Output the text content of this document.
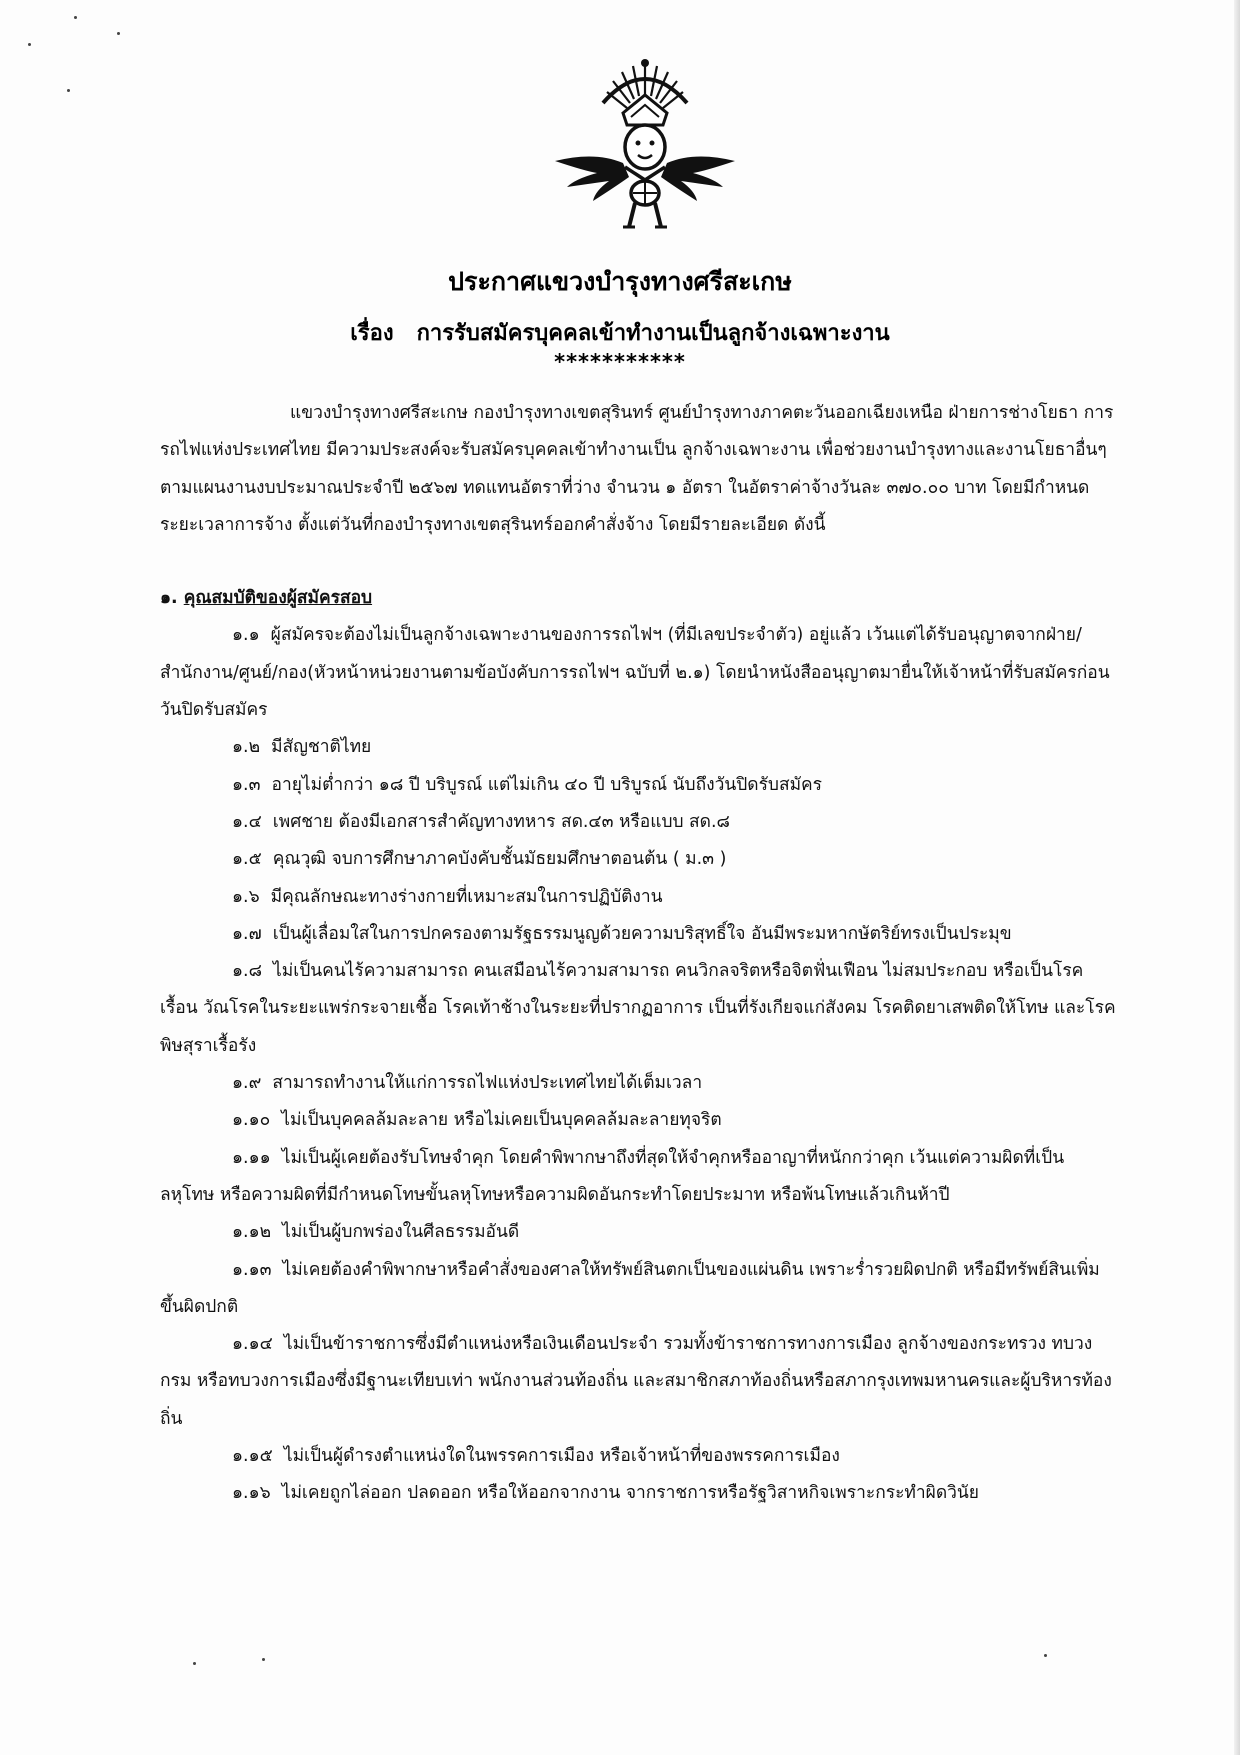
ประกาศแขวงบำรุงทางศรีสะเกษ
เรื่อง การรับสมัครบุคคลเข้าทำงานเป็นลูกจ้างเฉพาะงาน
***********

แขวงบำรุงทางศรีสะเกษ กองบำรุงทางเขตสุรินทร์ ศูนย์บำรุงทางภาคตะวันออกเฉียงเหนือ ฝ่ายการช่างโยธา การรถไฟแห่งประเทศไทย มีความประสงค์จะรับสมัครบุคคลเข้าทำงานเป็น ลูกจ้างเฉพาะงาน เพื่อช่วยงานบำรุงทางและงานโยธาอื่นๆ ตามแผนงานงบประมาณประจำปี ๒๕๖๗ ทดแทนอัตราที่ว่าง จำนวน ๑ อัตรา ในอัตราค่าจ้างวันละ ๓๗๐.๐๐ บาท โดยมีกำหนดระยะเวลาการจ้าง ตั้งแต่วันที่กองบำรุงทางเขตสุรินทร์ออกคำสั่งจ้าง โดยมีรายละเอียด ดังนี้

๑. คุณสมบัติของผู้สมัครสอบ

๑.๑ ผู้สมัครจะต้องไม่เป็นลูกจ้างเฉพาะงานของการรถไฟฯ (ที่มีเลขประจำตัว) อยู่แล้ว เว้นแต่ได้รับอนุญาตจากฝ่าย/สำนักงาน/ศูนย์/กอง(หัวหน้าหน่วยงานตามข้อบังคับการรถไฟฯ ฉบับที่ ๒.๑) โดยนำหนังสืออนุญาตมายื่นให้เจ้าหน้าที่รับสมัครก่อนวันปิดรับสมัคร

๑.๒ มีสัญชาติไทย

๑.๓ อายุไม่ต่ำกว่า ๑๘ ปี บริบูรณ์ แต่ไม่เกิน ๔๐ ปี บริบูรณ์ นับถึงวันปิดรับสมัคร

๑.๔ เพศชาย ต้องมีเอกสารสำคัญทางทหาร สด.๔๓ หรือแบบ สด.๘

๑.๕ คุณวุฒิ จบการศึกษาภาคบังคับชั้นมัธยมศึกษาตอนต้น ( ม.๓ )

๑.๖ มีคุณลักษณะทางร่างกายที่เหมาะสมในการปฏิบัติงาน

๑.๗ เป็นผู้เลื่อมใสในการปกครองตามรัฐธรรมนูญด้วยความบริสุทธิ์ใจ อันมีพระมหากษัตริย์ทรงเป็นประมุข

๑.๘ ไม่เป็นคนไร้ความสามารถ คนเสมือนไร้ความสามารถ คนวิกลจริตหรือจิตฟั่นเฟือน ไม่สมประกอบ หรือเป็นโรคเรื้อน วัณโรคในระยะแพร่กระจายเชื้อ โรคเท้าช้างในระยะที่ปรากฏอาการ เป็นที่รังเกียจแก่สังคม โรคติดยาเสพติดให้โทษ และโรคพิษสุราเรื้อรัง

๑.๙ สามารถทำงานให้แก่การรถไฟแห่งประเทศไทยได้เต็มเวลา

๑.๑๐ ไม่เป็นบุคคลล้มละลาย หรือไม่เคยเป็นบุคคลล้มละลายทุจริต

๑.๑๑ ไม่เป็นผู้เคยต้องรับโทษจำคุก โดยคำพิพากษาถึงที่สุดให้จำคุกหรืออาญาที่หนักกว่าคุก เว้นแต่ความผิดที่เป็นลหุโทษ หรือความผิดที่มีกำหนดโทษขั้นลหุโทษหรือความผิดอันกระทำโดยประมาท หรือพ้นโทษแล้วเกินห้าปี

๑.๑๒ ไม่เป็นผู้บกพร่องในศีลธรรมอันดี

๑.๑๓ ไม่เคยต้องคำพิพากษาหรือคำสั่งของศาลให้ทรัพย์สินตกเป็นของแผ่นดิน เพราะร่ำรวยผิดปกติ หรือมีทรัพย์สินเพิ่มขึ้นผิดปกติ

๑.๑๔ ไม่เป็นข้าราชการซึ่งมีตำแหน่งหรือเงินเดือนประจำ รวมทั้งข้าราชการทางการเมือง ลูกจ้างของกระทรวง ทบวง กรม หรือทบวงการเมืองซึ่งมีฐานะเทียบเท่า พนักงานส่วนท้องถิ่น และสมาชิกสภาท้องถิ่นหรือสภากรุงเทพมหานครและผู้บริหารท้องถิ่น

๑.๑๕ ไม่เป็นผู้ดำรงตำแหน่งใดในพรรคการเมือง หรือเจ้าหน้าที่ของพรรคการเมือง

๑.๑๖ ไม่เคยถูกไล่ออก ปลดออก หรือให้ออกจากงาน จากราชการหรือรัฐวิสาหกิจเพราะกระทำผิดวินัย
